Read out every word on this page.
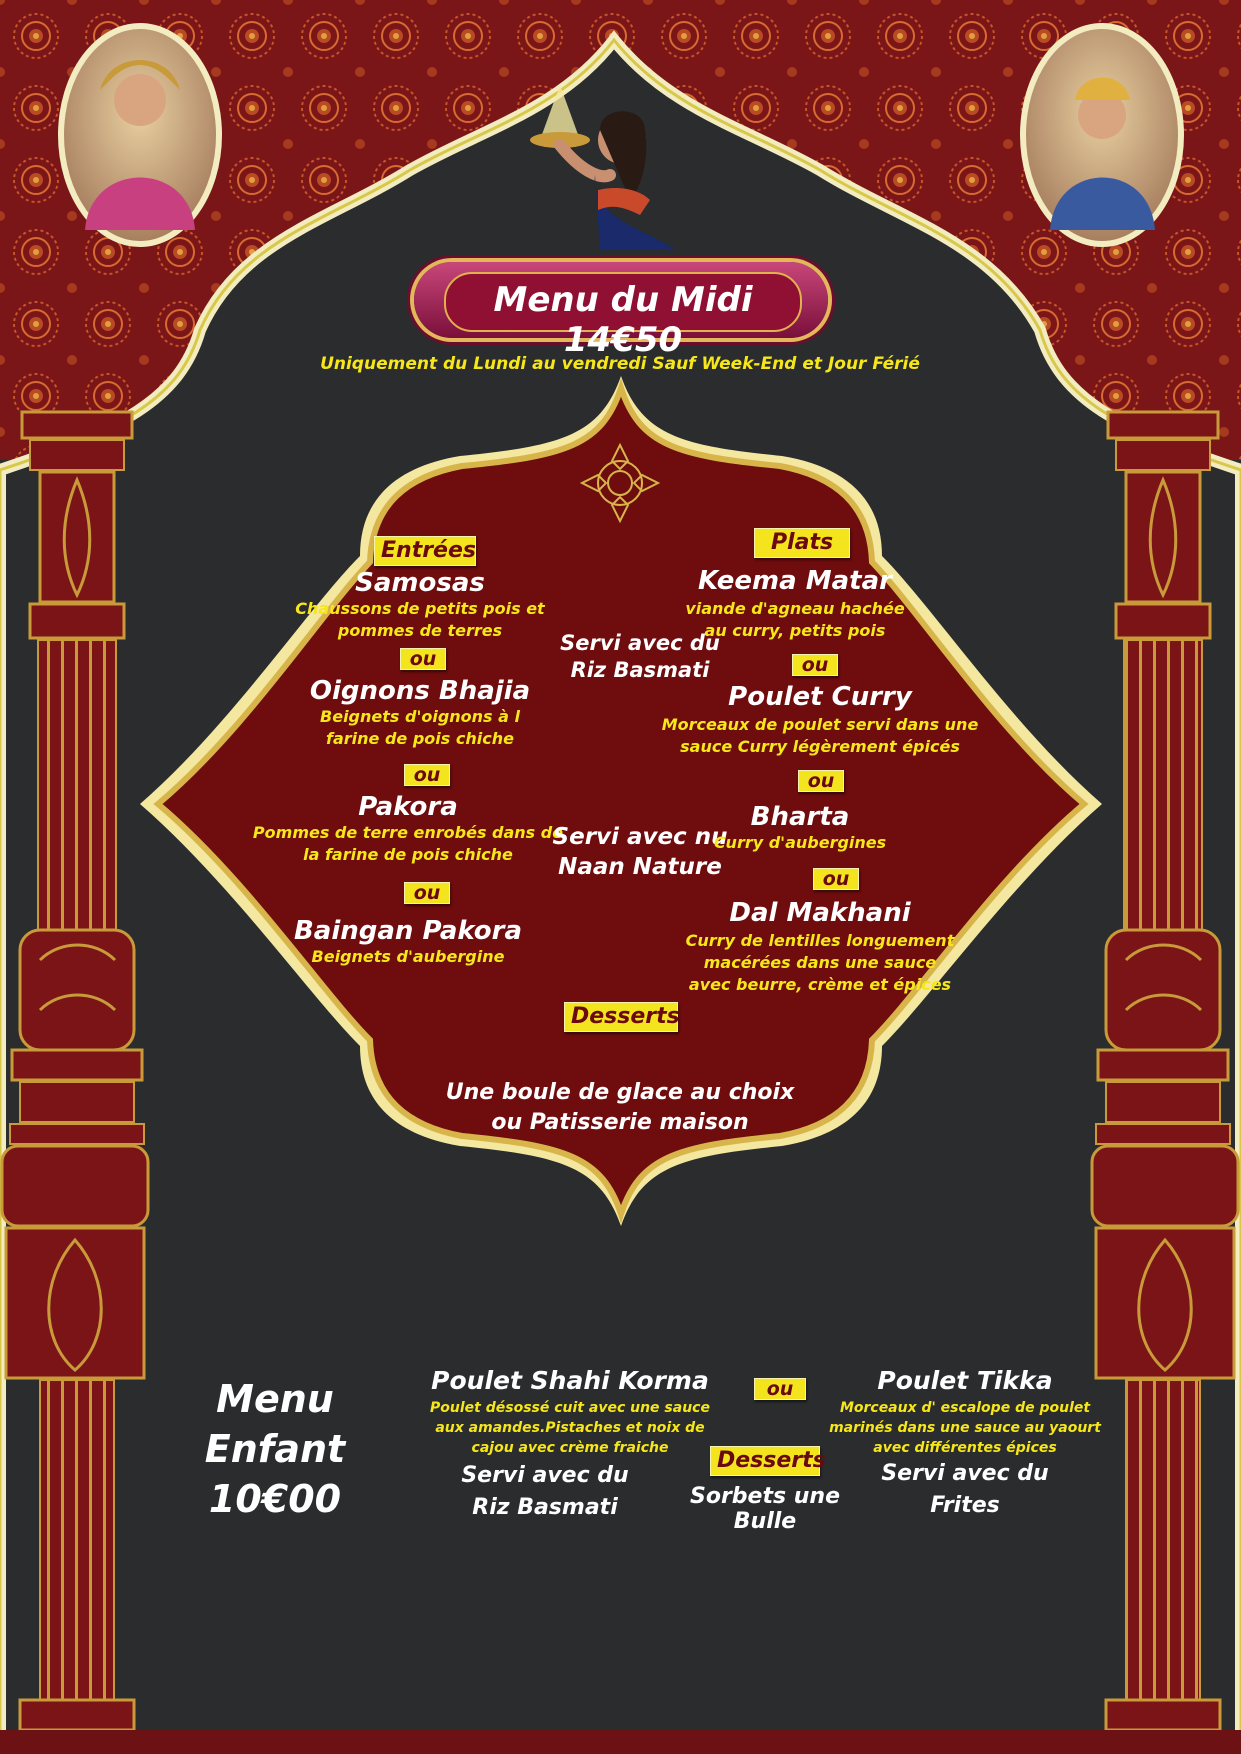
Menu du Midi 14€50
Uniquement du Lundi au vendredi Sauf Week-End et Jour Férié
Entrées	Plats
Desserts
Samosas
Chaussons de petits pois et
pommes de terres
ou
Oignons Bhajia
Beignets d'oignons à l
farine de pois chiche
ou
Pakora
Pommes de terre enrobés dans de
la farine de pois chiche
ou
Baingan Pakora
Beignets d'aubergine
Servi avec du
Riz Basmati
Servi avec nu
Naan Nature
Keema Matar
viande d'agneau hachée
au curry, petits pois
ou
Poulet Curry
Morceaux de poulet servi dans une
sauce Curry légèrement épicés
ou
Bharta
Curry d'aubergines
ou
Dal Makhani
Curry de lentilles longuement
macérées dans une sauce
avec beurre, crème et épices
Une boule de glace au choix
ou Patisserie maison
Menu Enfant
10€00
Poulet Shahi Korma
Poulet désossé cuit avec une sauce
aux amandes.Pistaches et noix de
cajou avec crème fraiche
Servi avec du
Riz Basmati
ou
Desserts
Sorbets une Bulle
Poulet Tikka
Morceaux d' escalope de poulet
marinés dans une sauce au yaourt
avec différentes épices
Servi avec du
Frites
